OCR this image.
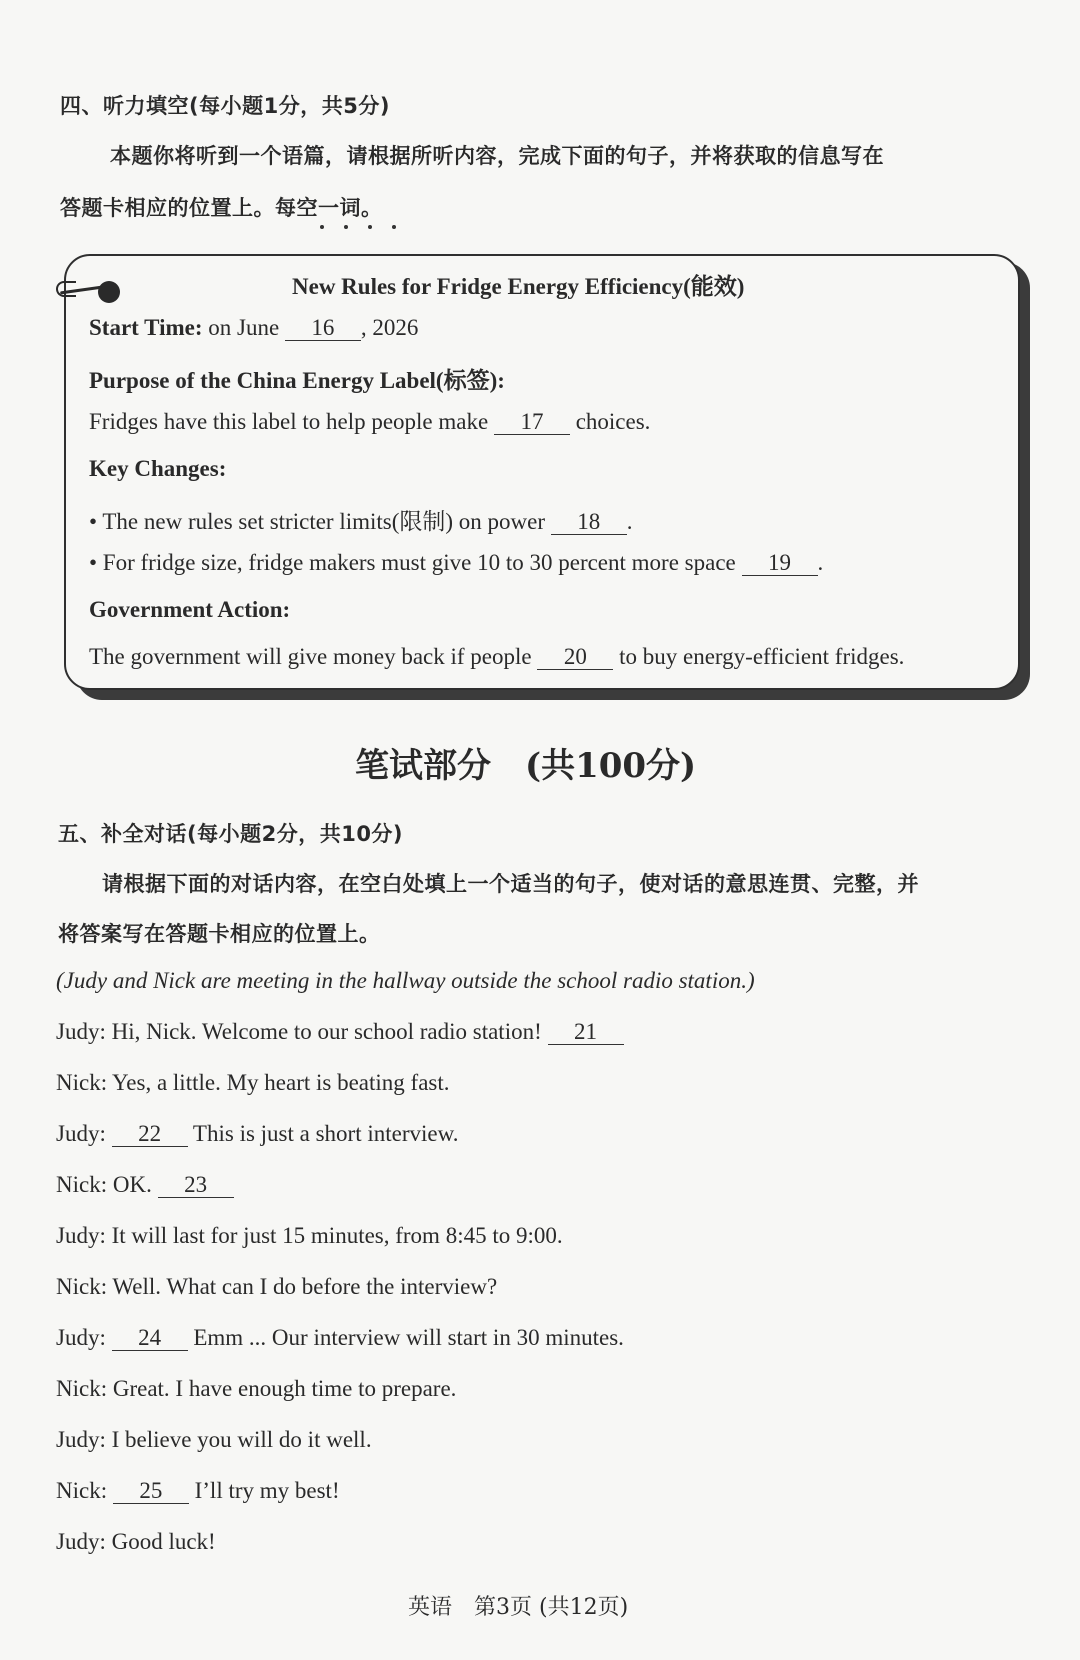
四、听力填空(每小题1分，共5分)
本题你将听到一个语篇，请根据所听内容，完成下面的句子，并将获取的信息写在
答题卡相应的位置上。每空一词。
New Rules for Fridge Energy Efficiency(能效)
Start Time: on June 16 , 2026
Purpose of the China Energy Label(标签):
Fridges have this label to help people make 17 choices.
Key Changes:
• The new rules set stricter limits(限制) on power 18 .
• For fridge size, fridge makers must give 10 to 30 percent more space 19 .
Government Action:
The government will give money back if people 20 to buy energy-efficient fridges.
笔试部分　(共100分)
五、补全对话(每小题2分，共10分)
请根据下面的对话内容，在空白处填上一个适当的句子，使对话的意思连贯、完整，并
将答案写在答题卡相应的位置上。
(Judy and Nick are meeting in the hallway outside the school radio station.)
Judy: Hi, Nick. Welcome to our school radio station! 21
Nick: Yes, a little. My heart is beating fast.
Judy: 22 This is just a short interview.
Nick: OK. 23
Judy: It will last for just 15 minutes, from 8:45 to 9:00.
Nick: Well. What can I do before the interview?
Judy: 24 Emm ... Our interview will start in 30 minutes.
Nick: Great. I have enough time to prepare.
Judy: I believe you will do it well.
Nick: 25 I’ll try my best!
Judy: Good luck!
英语　第3页 (共12页)
